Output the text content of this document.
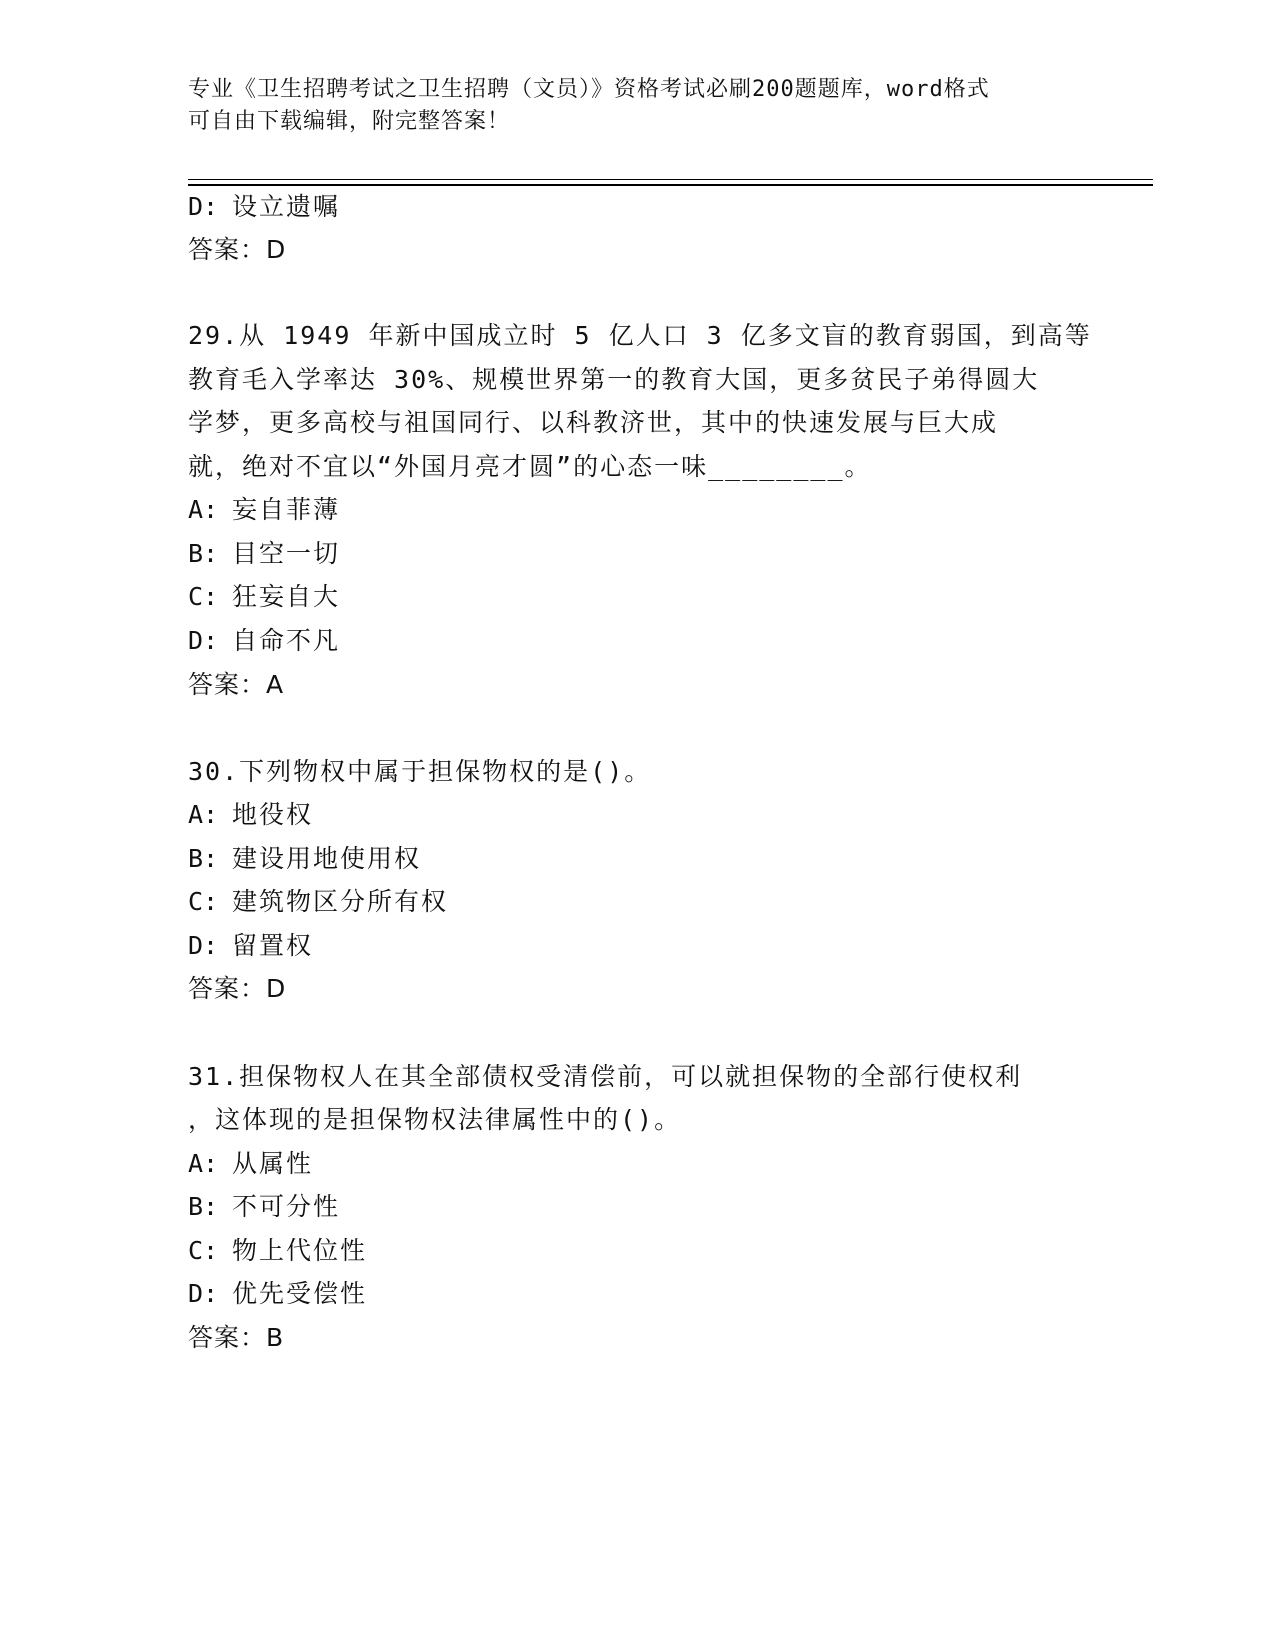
专业《卫生招聘考试之卫生招聘（文员）》资格考试必刷200题题库，word格式
可自由下载编辑，附完整答案！
D: 设立遗嘱
答案：D
29.从 1949 年新中国成立时 5 亿人口 3 亿多文盲的教育弱国，到高等
教育毛入学率达 30%、规模世界第一的教育大国，更多贫民子弟得圆大
学梦，更多高校与祖国同行、以科教济世，其中的快速发展与巨大成
就，绝对不宜以“外国月亮才圆”的心态一味________。
A: 妄自菲薄
B: 目空一切
C: 狂妄自大
D: 自命不凡
答案：A
30.下列物权中属于担保物权的是()。
A: 地役权
B: 建设用地使用权
C: 建筑物区分所有权
D: 留置权
答案：D
31.担保物权人在其全部债权受清偿前，可以就担保物的全部行使权利
，这体现的是担保物权法律属性中的()。
A: 从属性
B: 不可分性
C: 物上代位性
D: 优先受偿性
答案：B
